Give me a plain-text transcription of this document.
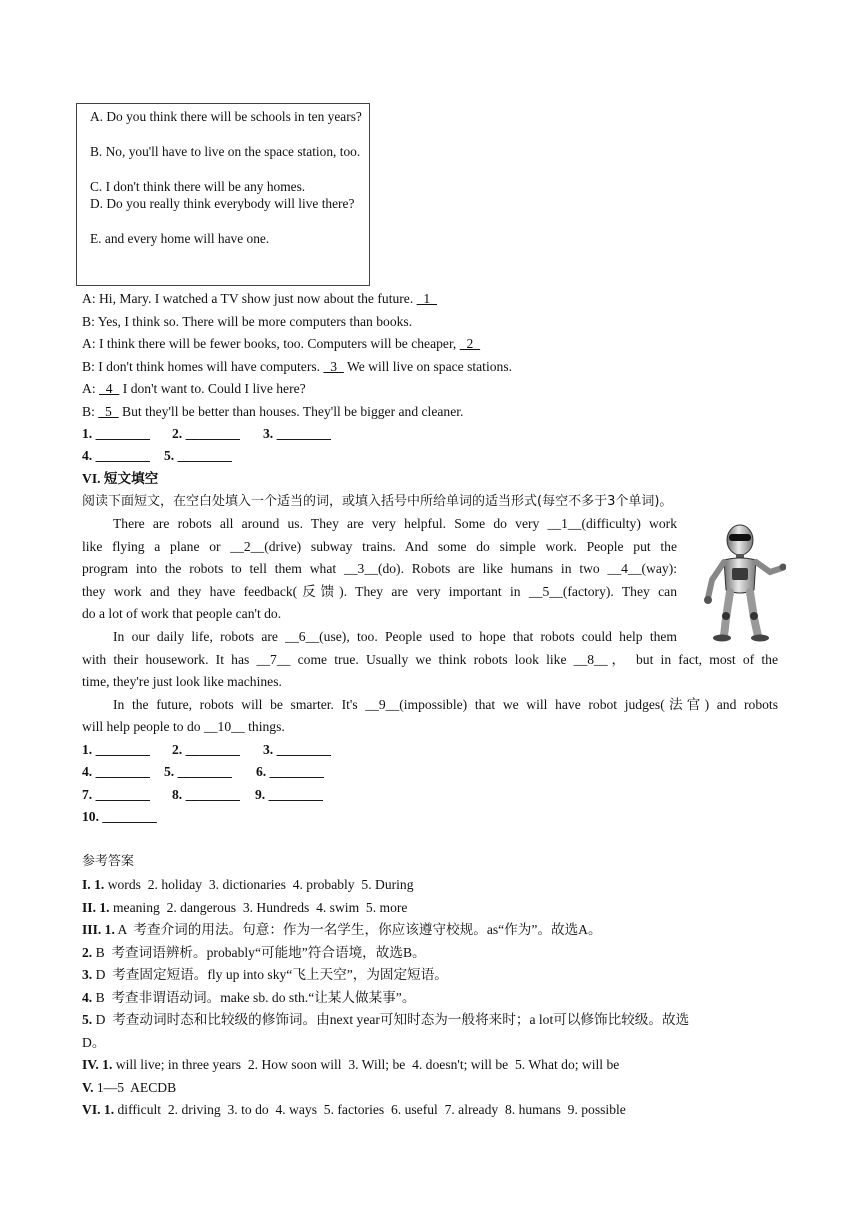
A. Do you think there will be schools in ten years?
B. No, you'll have to live on the space station, too.
C. I don't think there will be any homes.
D. Do you really think everybody will live there?
E. and every home will have one.
A: Hi, Mary. I watched a TV show just now about the future.   1
B: Yes, I think so. There will be more computers than books.
A: I think there will be fewer books, too. Computers will be cheaper,   2
B: I don't think homes will have computers.   3   We will live on space stations.
A:   4   I don't want to. Could I live here?
B:   5   But they'll be better than houses. They'll be bigger and cleaner.
1. ________ 2. ________ 3. ________
4. ________ 5. ________
VI. 短文填空
阅读下面短文，在空白处填入一个适当的词，或填入括号中所给单词的适当形式(每空不多于3个单词)。
There are robots all around us. They are very helpful. Some do very __1__(difficulty) work
like flying a plane or __2__(drive) subway trains. And some do simple work. People put the
program into the robots to tell them what __3__(do). Robots are like humans in two __4__(way):
they work and they have feedback(反馈). They are very important in __5__(factory). They can
do a lot of work that people can't do.
In our daily life, robots are __6__(use), too. People used to hope that robots could help them
with their housework. It has __7__ come true. Usually we think robots look like __8__， but in fact, most of the
time, they're just look like machines.
In the future, robots will be smarter. It's __9__(impossible) that we will have robot judges(法官) and robots
will help people to do __10__ things.
1. ________ 2. ________ 3. ________
4. ________ 5. ________ 6. ________
7. ________ 8. ________ 9. ________
10. ________
参考答案
I. 1. words  2. holiday  3. dictionaries  4. probably  5. During
II. 1. meaning  2. dangerous  3. Hundreds  4. swim  5. more
III. 1. A  考查介词的用法。句意：作为一名学生，你应该遵守校规。as“作为”。故选A。
2. B  考查词语辨析。probably“可能地”符合语境，故选B。
3. D  考查固定短语。fly up into sky“飞上天空”，为固定短语。
4. B  考查非谓语动词。make sb. do sth.“让某人做某事”。
5. D  考查动词时态和比较级的修饰词。由next year可知时态为一般将来时；a lot可以修饰比较级。故选
D。
IV. 1. will live; in three years  2. How soon will  3. Will; be  4. doesn't; will be  5. What do; will be
V. 1—5  AECDB
VI. 1. difficult  2. driving  3. to do  4. ways  5. factories  6. useful  7. already  8. humans  9. possible
